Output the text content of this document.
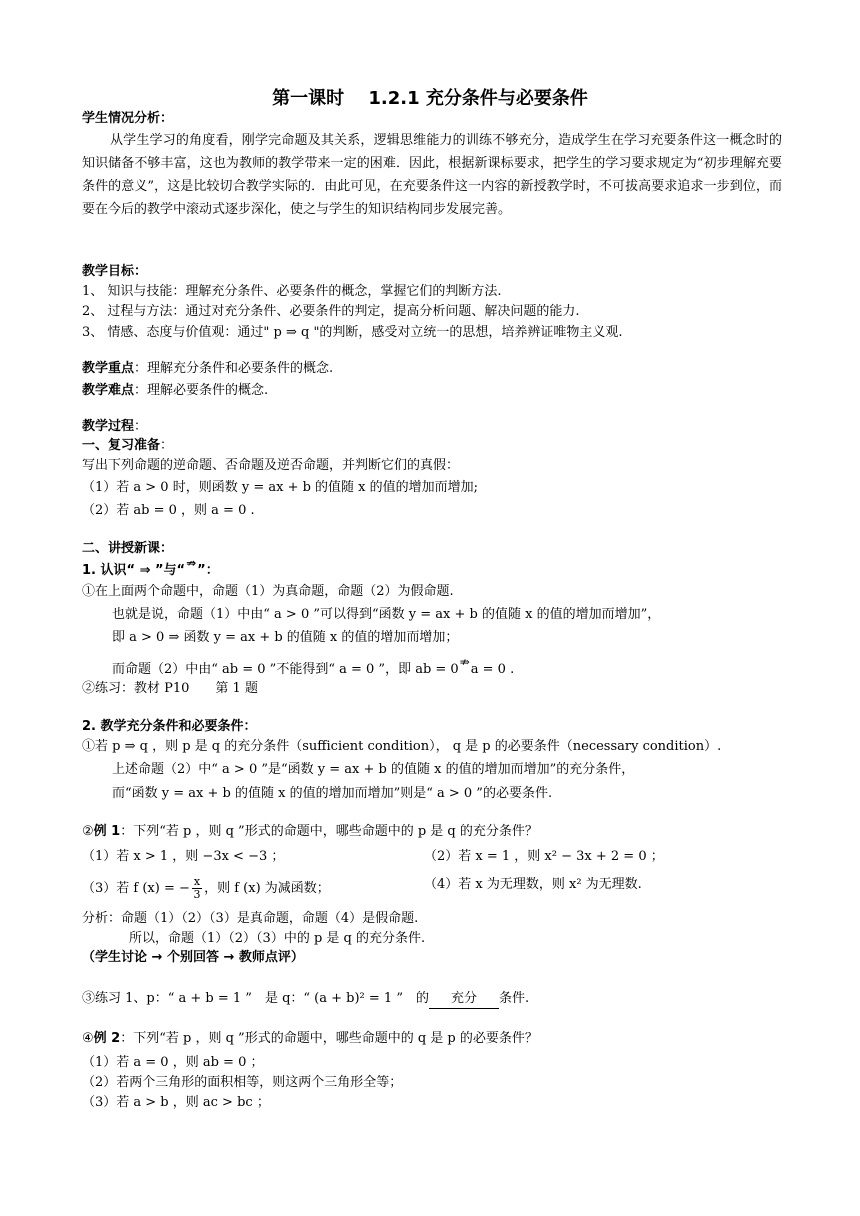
第一课时　 1.2.1 充分条件与必要条件
学生情况分析：
从学生学习的角度看，刚学完命题及其关系，逻辑思维能力的训练不够充分，造成学生在学习充要条件这一概念时的知识储备不够丰富，这也为教师的教学带来一定的困难．因此，根据新课标要求，把学生的学习要求规定为“初步理解充要条件的意义”，这是比较切合教学实际的．由此可见，在充要条件这一内容的新授教学时，不可拔高要求追求一步到位，而要在今后的教学中滚动式逐步深化，使之与学生的知识结构同步发展完善。
教学目标：
1、 知识与技能：理解充分条件、必要条件的概念，掌握它们的判断方法.
2、 过程与方法：通过对充分条件、必要条件的判定，提高分析问题、解决问题的能力.
3、 情感、态度与价值观：通过" p ⇒ q "的判断，感受对立统一的思想，培养辨证唯物主义观.
教学重点：理解充分条件和必要条件的概念.
教学难点：理解必要条件的概念.
教学过程：
一、复习准备：
写出下列命题的逆命题、否命题及逆否命题，并判断它们的真假：
（1）若 a > 0 时，则函数 y = ax + b 的值随 x 的值的增加而增加;
（2）若 ab = 0 ，则 a = 0 .
二、讲授新课：
1. 认识“ ⇒ ”与“⇏”：
①在上面两个命题中，命题（1）为真命题，命题（2）为假命题.
也就是说，命题（1）中由“ a > 0 ”可以得到“函数 y = ax + b 的值随 x 的值的增加而增加”，
即 a > 0 ⇒ 函数 y = ax + b 的值随 x 的值的增加而增加；
而命题（2）中由“ ab = 0 ”不能得到“ a = 0 ”，即 ab = 0⇏a = 0 .
②练习：教材 P10　　第 1 题
2. 教学充分条件和必要条件：
①若 p ⇒ q ，则 p 是 q 的充分条件（sufficient condition）， q 是 p 的必要条件（necessary condition）.
上述命题（2）中“ a > 0 ”是“函数 y = ax + b 的值随 x 的值的增加而增加”的充分条件，
而“函数 y = ax + b 的值随 x 的值的增加而增加”则是“ a > 0 ”的必要条件.
②例 1：下列“若 p ，则 q ”形式的命题中，哪些命题中的 p 是 q 的充分条件？
（1）若 x > 1 ，则 −3x < −3 ；	（2）若 x = 1 ，则 x² − 3x + 2 = 0 ；
（3）若 f (x) = − $\frac{x}{3}$ ，则 f (x) 为减函数；	（4）若 x 为无理数，则 x² 为无理数.
分析：命题（1）（2）（3）是真命题，命题（4）是假命题.
所以，命题（1）（2）（3）中的 p 是 q 的充分条件.
（学生讨论 → 个别回答 → 教师点评）
③练习 1、p：“ a + b = 1 ”　是 q：“ (a + b)² = 1 ”　的 充分 条件.
④例 2：下列“若 p ，则 q ”形式的命题中，哪些命题中的 q 是 p 的必要条件？
（1）若 a = 0 ，则 ab = 0 ；
（2）若两个三角形的面积相等，则这两个三角形全等；
（3）若 a > b ，则 ac > bc ；
